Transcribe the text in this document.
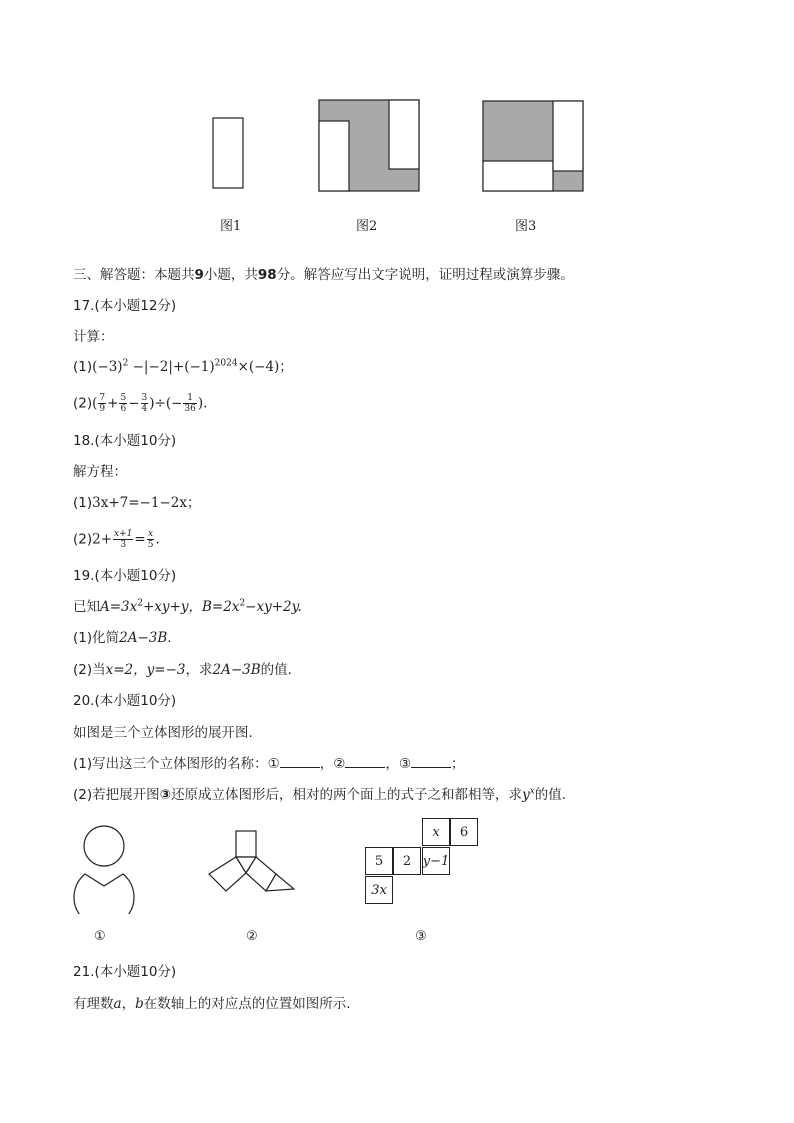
图1	图2	图3
三、解答题：本题共9小题，共98分。解答应写出文字说明，证明过程或演算步骤。
17.(本小题12分)
计算：
$(1)(-3)^2 -|-2|+(-1)^{2024}\times(-4)$；
$(2)( \frac{7}{9} + \frac{5}{6} - \frac{3}{4}$ )÷(− $\frac{1}{36}$ ).
18.(本小题10分)
解方程：
(1)3x+7=−1−2x；
$(2)2+ \frac{x+1}{3} = \frac{x}{5}$ .
19.(本小题10分)
已知$A=3x^2+xy+y$，$B=2x^2-xy+2y$.
(1)化简2A−3B.
(2)当x=2，y=−3，求2A−3B的值.
20.(本小题10分)
如图是三个立体图形的展开图.
(1)写出这三个立体图形的名称：①	，②	，③	；
(2)若把展开图③还原成立体图形后，相对的两个面上的式子之和都相等，求$y^x$的值.
x 6
5 2 y−1
3x
①	②	③
21.(本小题10分)
有理数a，b在数轴上的对应点的位置如图所示.
